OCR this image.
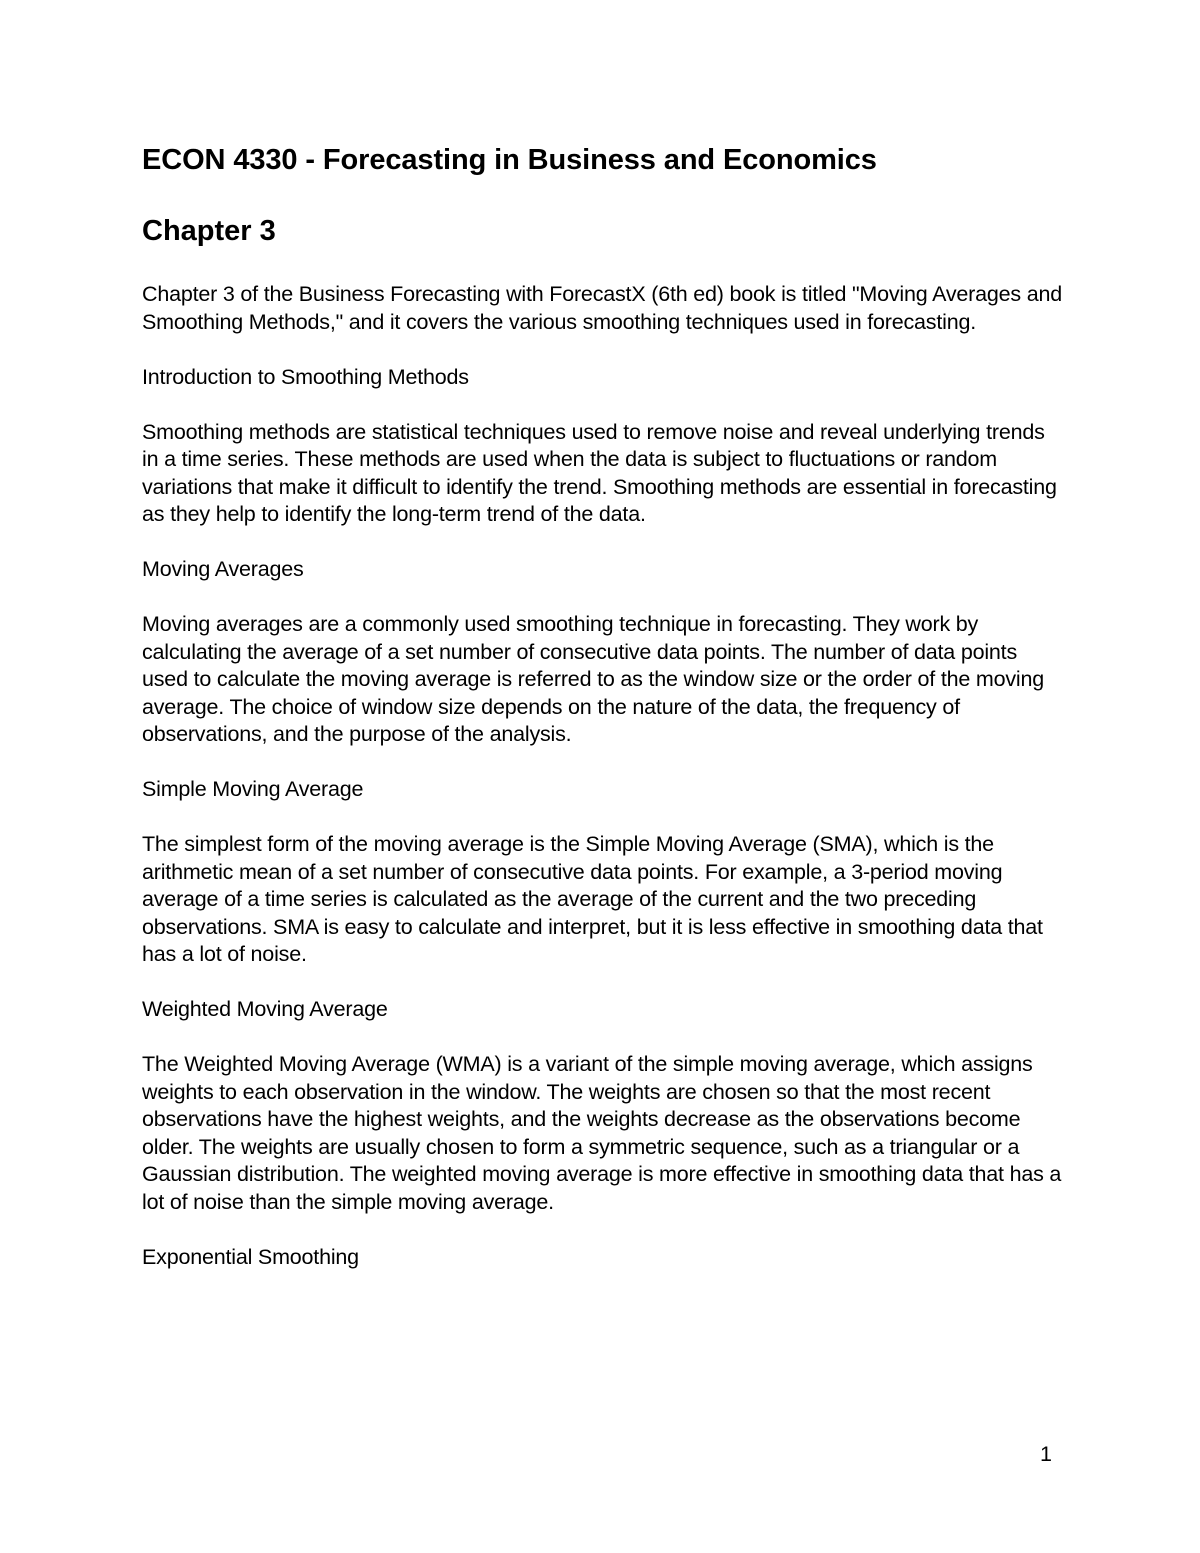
ECON 4330 - Forecasting in Business and Economics
Chapter 3
Chapter 3 of the Business Forecasting with ForecastX (6th ed) book is titled "Moving Averages and Smoothing Methods," and it covers the various smoothing techniques used in forecasting.
Introduction to Smoothing Methods
Smoothing methods are statistical techniques used to remove noise and reveal underlying trends in a time series. These methods are used when the data is subject to fluctuations or random variations that make it difficult to identify the trend. Smoothing methods are essential in forecasting as they help to identify the long-term trend of the data.
Moving Averages
Moving averages are a commonly used smoothing technique in forecasting. They work by calculating the average of a set number of consecutive data points. The number of data points used to calculate the moving average is referred to as the window size or the order of the moving average. The choice of window size depends on the nature of the data, the frequency of observations, and the purpose of the analysis.
Simple Moving Average
The simplest form of the moving average is the Simple Moving Average (SMA), which is the arithmetic mean of a set number of consecutive data points. For example, a 3-period moving average of a time series is calculated as the average of the current and the two preceding observations. SMA is easy to calculate and interpret, but it is less effective in smoothing data that has a lot of noise.
Weighted Moving Average
The Weighted Moving Average (WMA) is a variant of the simple moving average, which assigns weights to each observation in the window. The weights are chosen so that the most recent observations have the highest weights, and the weights decrease as the observations become older. The weights are usually chosen to form a symmetric sequence, such as a triangular or a Gaussian distribution. The weighted moving average is more effective in smoothing data that has a lot of noise than the simple moving average.
Exponential Smoothing
1
